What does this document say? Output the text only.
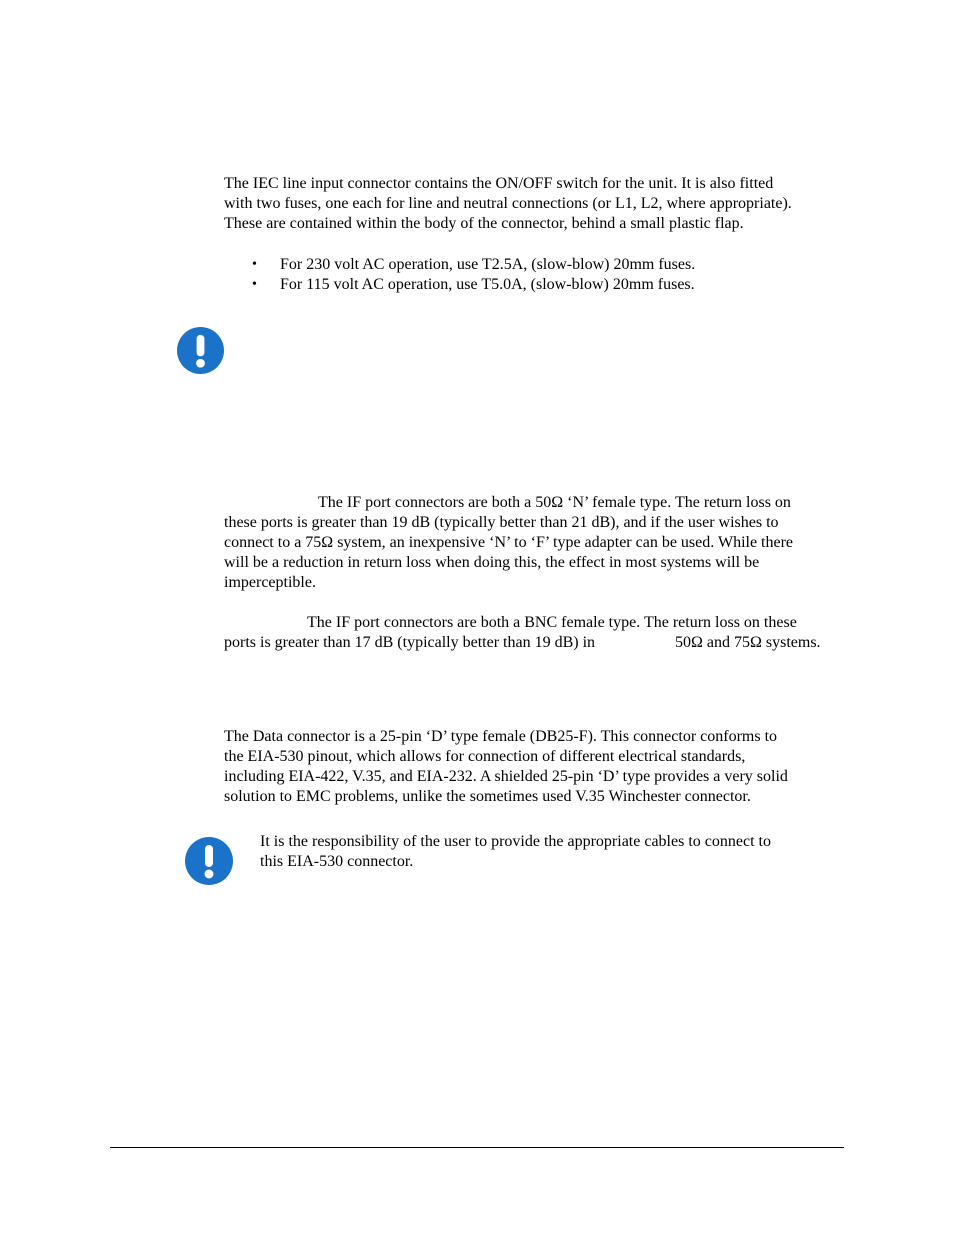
The IEC line input connector contains the ON/OFF switch for the unit. It is also fitted
with two fuses, one each for line and neutral connections (or L1, L2, where appropriate).
These are contained within the body of the connector, behind a small plastic flap.
• For 230 volt AC operation, use T2.5A, (slow-blow) 20mm fuses.
• For 115 volt AC operation, use T5.0A, (slow-blow) 20mm fuses.
The IF port connectors are both a 50Ω ‘N’ female type. The return loss on
these ports is greater than 19 dB (typically better than 21 dB), and if the user wishes to
connect to a 75Ω system, an inexpensive ‘N’ to ‘F’ type adapter can be used. While there
will be a reduction in return loss when doing this, the effect in most systems will be
imperceptible.
The IF port connectors are both a BNC female type. The return loss on these
ports is greater than 17 dB (typically better than 19 dB) in	50Ω and 75Ω systems.
The Data connector is a 25-pin ‘D’ type female (DB25-F). This connector conforms to
the EIA-530 pinout, which allows for connection of different electrical standards,
including EIA-422, V.35, and EIA-232. A shielded 25-pin ‘D’ type provides a very solid
solution to EMC problems, unlike the sometimes used V.35 Winchester connector.
It is the responsibility of the user to provide the appropriate cables to connect to
this EIA-530 connector.
